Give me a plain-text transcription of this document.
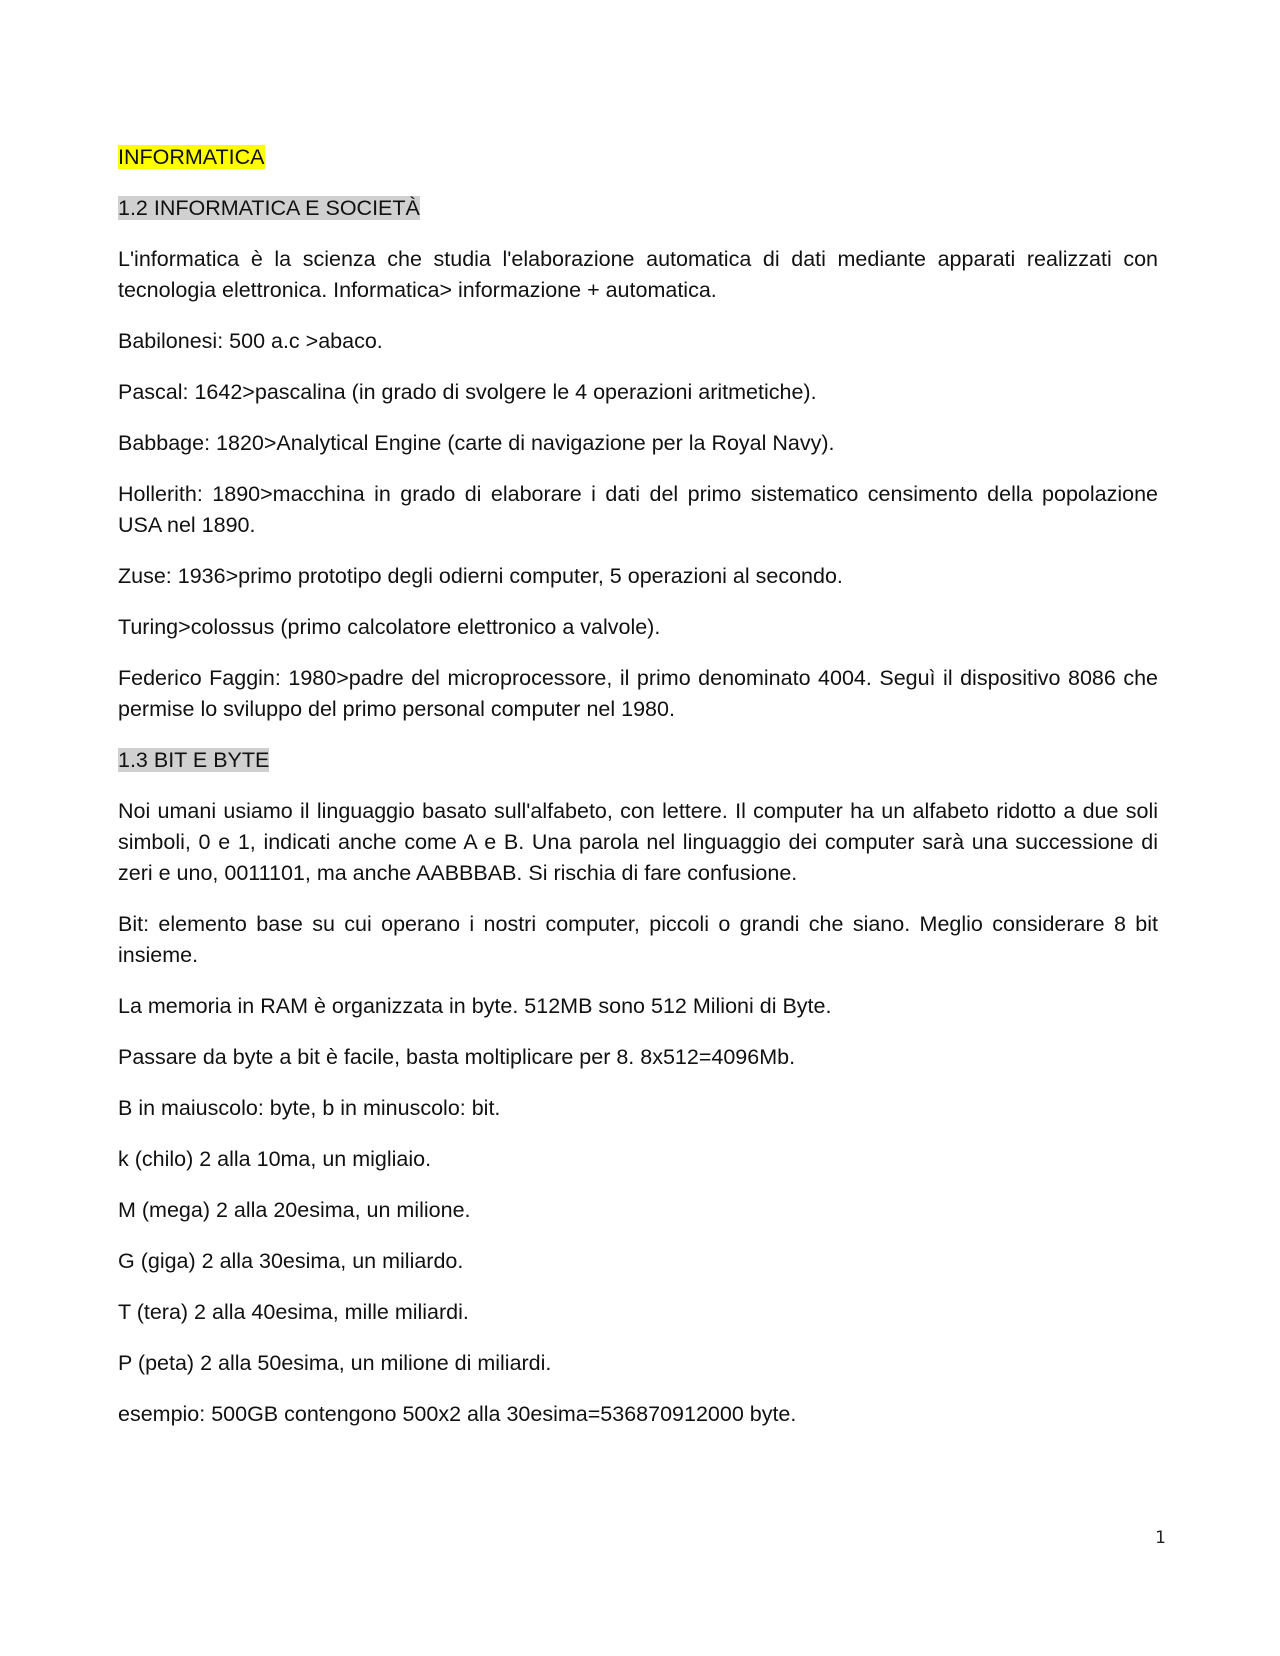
INFORMATICA
1.2 INFORMATICA E SOCIETÀ

L'informatica è la scienza che studia l'elaborazione automatica di dati mediante apparati realizzati con tecnologia elettronica. Informatica> informazione + automatica.

Babilonesi: 500 a.c >abaco.

Pascal: 1642>pascalina (in grado di svolgere le 4 operazioni aritmetiche).

Babbage: 1820>Analytical Engine (carte di navigazione per la Royal Navy).

Hollerith: 1890>macchina in grado di elaborare i dati del primo sistematico censimento della popolazione USA nel 1890.

Zuse: 1936>primo prototipo degli odierni computer, 5 operazioni al secondo.

Turing>colossus (primo calcolatore elettronico a valvole).

Federico Faggin: 1980>padre del microprocessore, il primo denominato 4004. Seguì il dispositivo 8086 che permise lo sviluppo del primo personal computer nel 1980.

1.3 BIT E BYTE

Noi umani usiamo il linguaggio basato sull'alfabeto, con lettere. Il computer ha un alfabeto ridotto a due soli simboli, 0 e 1, indicati anche come A e B. Una parola nel linguaggio dei computer sarà una successione di zeri e uno, 0011101, ma anche AABBBAB. Si rischia di fare confusione.

Bit: elemento base su cui operano i nostri computer, piccoli o grandi che siano. Meglio considerare 8 bit insieme.

La memoria in RAM è organizzata in byte. 512MB sono 512 Milioni di Byte.

Passare da byte a bit è facile, basta moltiplicare per 8. 8x512=4096Mb.

B in maiuscolo: byte, b in minuscolo: bit.

k (chilo) 2 alla 10ma, un migliaio.

M (mega) 2 alla 20esima, un milione.

G (giga) 2 alla 30esima, un miliardo.

T (tera) 2 alla 40esima, mille miliardi.

P (peta) 2 alla 50esima, un milione di miliardi.

esempio: 500GB contengono 500x2 alla 30esima=536870912000 byte.

1
